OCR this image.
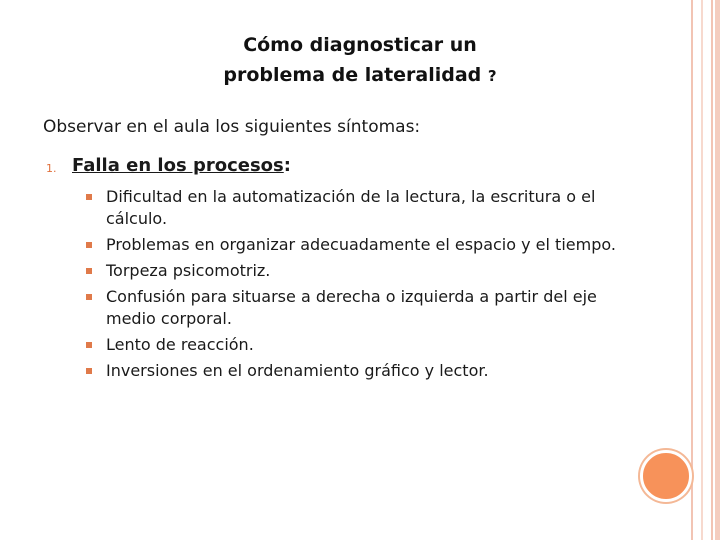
Cómo diagnosticar un
problema de lateralidad ?
Observar en el aula los siguientes síntomas:
1. Falla en los procesos:
Dificultad en la automatización de la lectura, la escritura o el cálculo.
Problemas en organizar adecuadamente el espacio y el tiempo.
Torpeza psicomotriz.
Confusión para situarse a derecha o izquierda a partir del eje medio corporal.
Lento de reacción.
Inversiones en el ordenamiento gráfico y lector.
